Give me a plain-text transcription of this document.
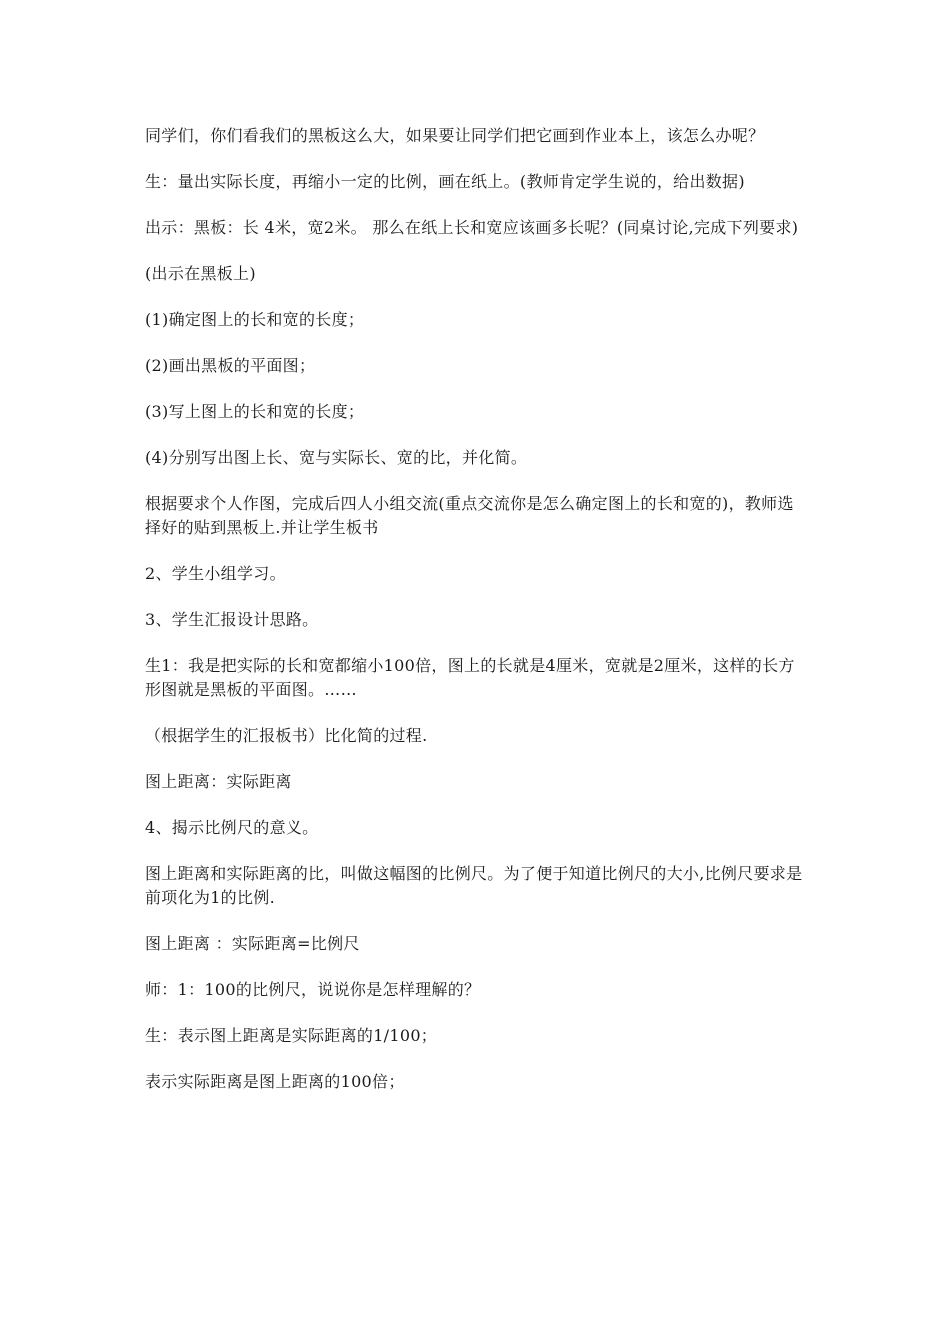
同学们，你们看我们的黑板这么大，如果要让同学们把它画到作业本上，该怎么办呢？

生：量出实际长度，再缩小一定的比例，画在纸上。(教师肯定学生说的，给出数据)

出示：黑板：长 4米，宽2米。 那么在纸上长和宽应该画多长呢？(同桌讨论,完成下列要求)

(出示在黑板上)

(1)确定图上的长和宽的长度；

(2)画出黑板的平面图；

(3)写上图上的长和宽的长度；

(4)分别写出图上长、宽与实际长、宽的比，并化简。

根据要求个人作图，完成后四人小组交流(重点交流你是怎么确定图上的长和宽的)，教师选择好的贴到黑板上.并让学生板书

2、学生小组学习。

3、学生汇报设计思路。

生1：我是把实际的长和宽都缩小100倍，图上的长就是4厘米，宽就是2厘米，这样的长方形图就是黑板的平面图。……

（根据学生的汇报板书）比化简的过程.

图上距离：实际距离

4、揭示比例尺的意义。

图上距离和实际距离的比，叫做这幅图的比例尺。为了便于知道比例尺的大小,比例尺要求是前项化为1的比例.

图上距离 ：实际距离=比例尺

师：1：100的比例尺，说说你是怎样理解的？

生：表示图上距离是实际距离的1/100；

表示实际距离是图上距离的100倍；
